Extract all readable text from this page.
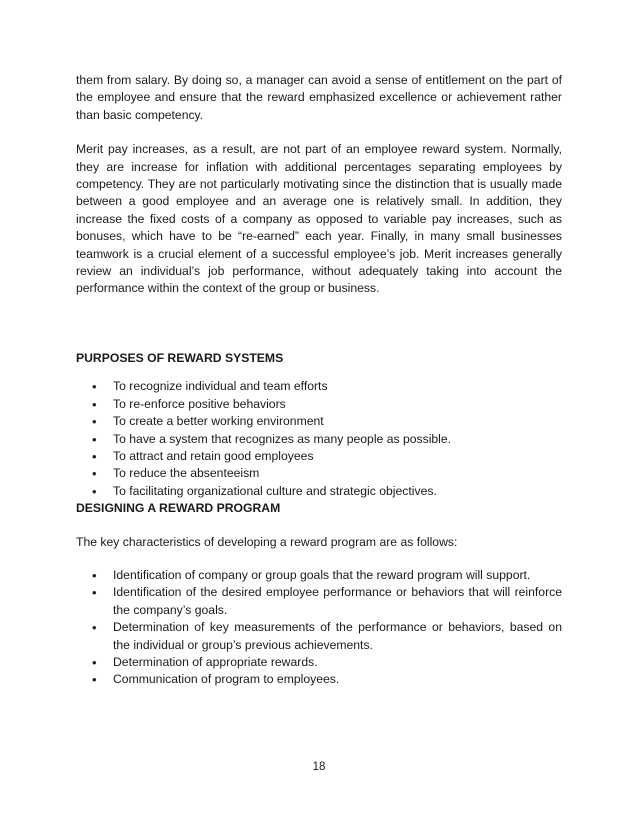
them from salary. By doing so, a manager can avoid a sense of entitlement on the part of the employee and ensure that the reward emphasized excellence or achievement rather than basic competency.

Merit pay increases, as a result, are not part of an employee reward system. Normally, they are increase for inflation with additional percentages separating employees by competency. They are not particularly motivating since the distinction that is usually made between a good employee and an average one is relatively small. In addition, they increase the fixed costs of a company as opposed to variable pay increases, such as bonuses, which have to be “re-earned” each year. Finally, in many small businesses teamwork is a crucial element of a successful employee’s job. Merit increases generally review an individual’s job performance, without adequately taking into account the performance within the context of the group or business.

PURPOSES OF REWARD SYSTEMS
• To recognize individual and team efforts
• To re-enforce positive behaviors
• To create a better working environment
• To have a system that recognizes as many people as possible.
• To attract and retain good employees
• To reduce the absenteeism
• To facilitating organizational culture and strategic objectives.
DESIGNING A REWARD PROGRAM

The key characteristics of developing a reward program are as follows:

• Identification of company or group goals that the reward program will support.
• Identification of the desired employee performance or behaviors that will reinforce the company’s goals.
• Determination of key measurements of the performance or behaviors, based on the individual or group’s previous achievements.
• Determination of appropriate rewards.
• Communication of program to employees.
18
